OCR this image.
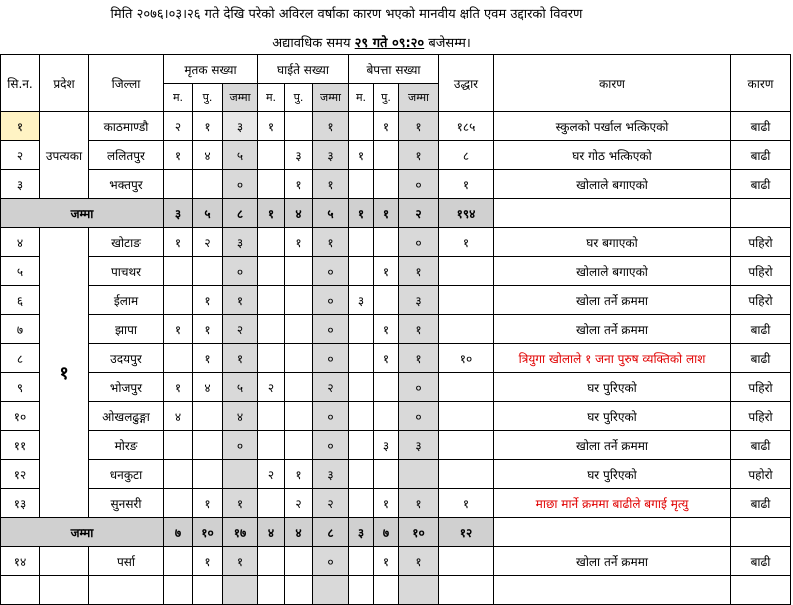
मिति २०७६।०३।२६ गते देखि परेको अविरल वर्षाका कारण भएको मानवीय क्षति एवम उद्दारको विवरण
अद्यावधिक समय २९ गते ०९:२० बजेसम्म।
सि.न.	प्रदेश	जिल्ला	मृतक सख्या			घाईते सख्या			बेपत्ता सख्या			उद्धार	कारण	कारण
			म.	पु.	जम्मा	म.	पु.	जम्मा	म.	पु.	जम्मा			
१	उपत्यका	काठमाण्डौ	२	१	३	१		१		१	१	१८५	स्कुलको पर्खाल भत्किएको	बाढी
२		ललितपुर	१	४	५		३	३	१		१	८	घर गोठ भत्किएको	बाढी
३		भक्तपुर			०		१	१			०	१	खोलाले बगाएको	बाढी
जम्मा			३	५	८	१	४	५	१	१	२	१९४		
४	१	खोटाङ	१	२	३		१	१			०	१	घर बगाएको	पहिरो
५		पाचथर			०			०		१	१		खोलाले बगाएको	पहिरो
६		ईलाम		१	१			०	३		३		खोला तर्ने क्रममा	पहिरो
७		झापा	१	१	२			०		१	१		खोला तर्ने क्रममा	बाढी
८		उदयपुर		१	१			०		१	१	१०	त्रियुगा खोलाले १ जना पुरुष व्यक्तिको लाश	बाढी
९		भोजपुर	१	४	५	२		२			०		घर पुरिएको	पहिरो
१०		ओखलढुङ्गा	४		४			०			०		घर पुरिएको	पहिरो
११		मोरङ			०			०		३	३		खोला तर्ने क्रममा	बाढी
१२		धनकुटा				२	१	३					घर पुरिएको	पहोरो
१३		सुनसरी		१	१		२	२		१	१	१	माछा मार्ने क्रममा बाढीले बगाई मृत्यु	बाढी
जम्मा			७	१०	१७	४	४	८	३	७	१०	१२		
१४		पर्सा		१	१			०		१	१		खोला तर्ने क्रममा	बाढी
